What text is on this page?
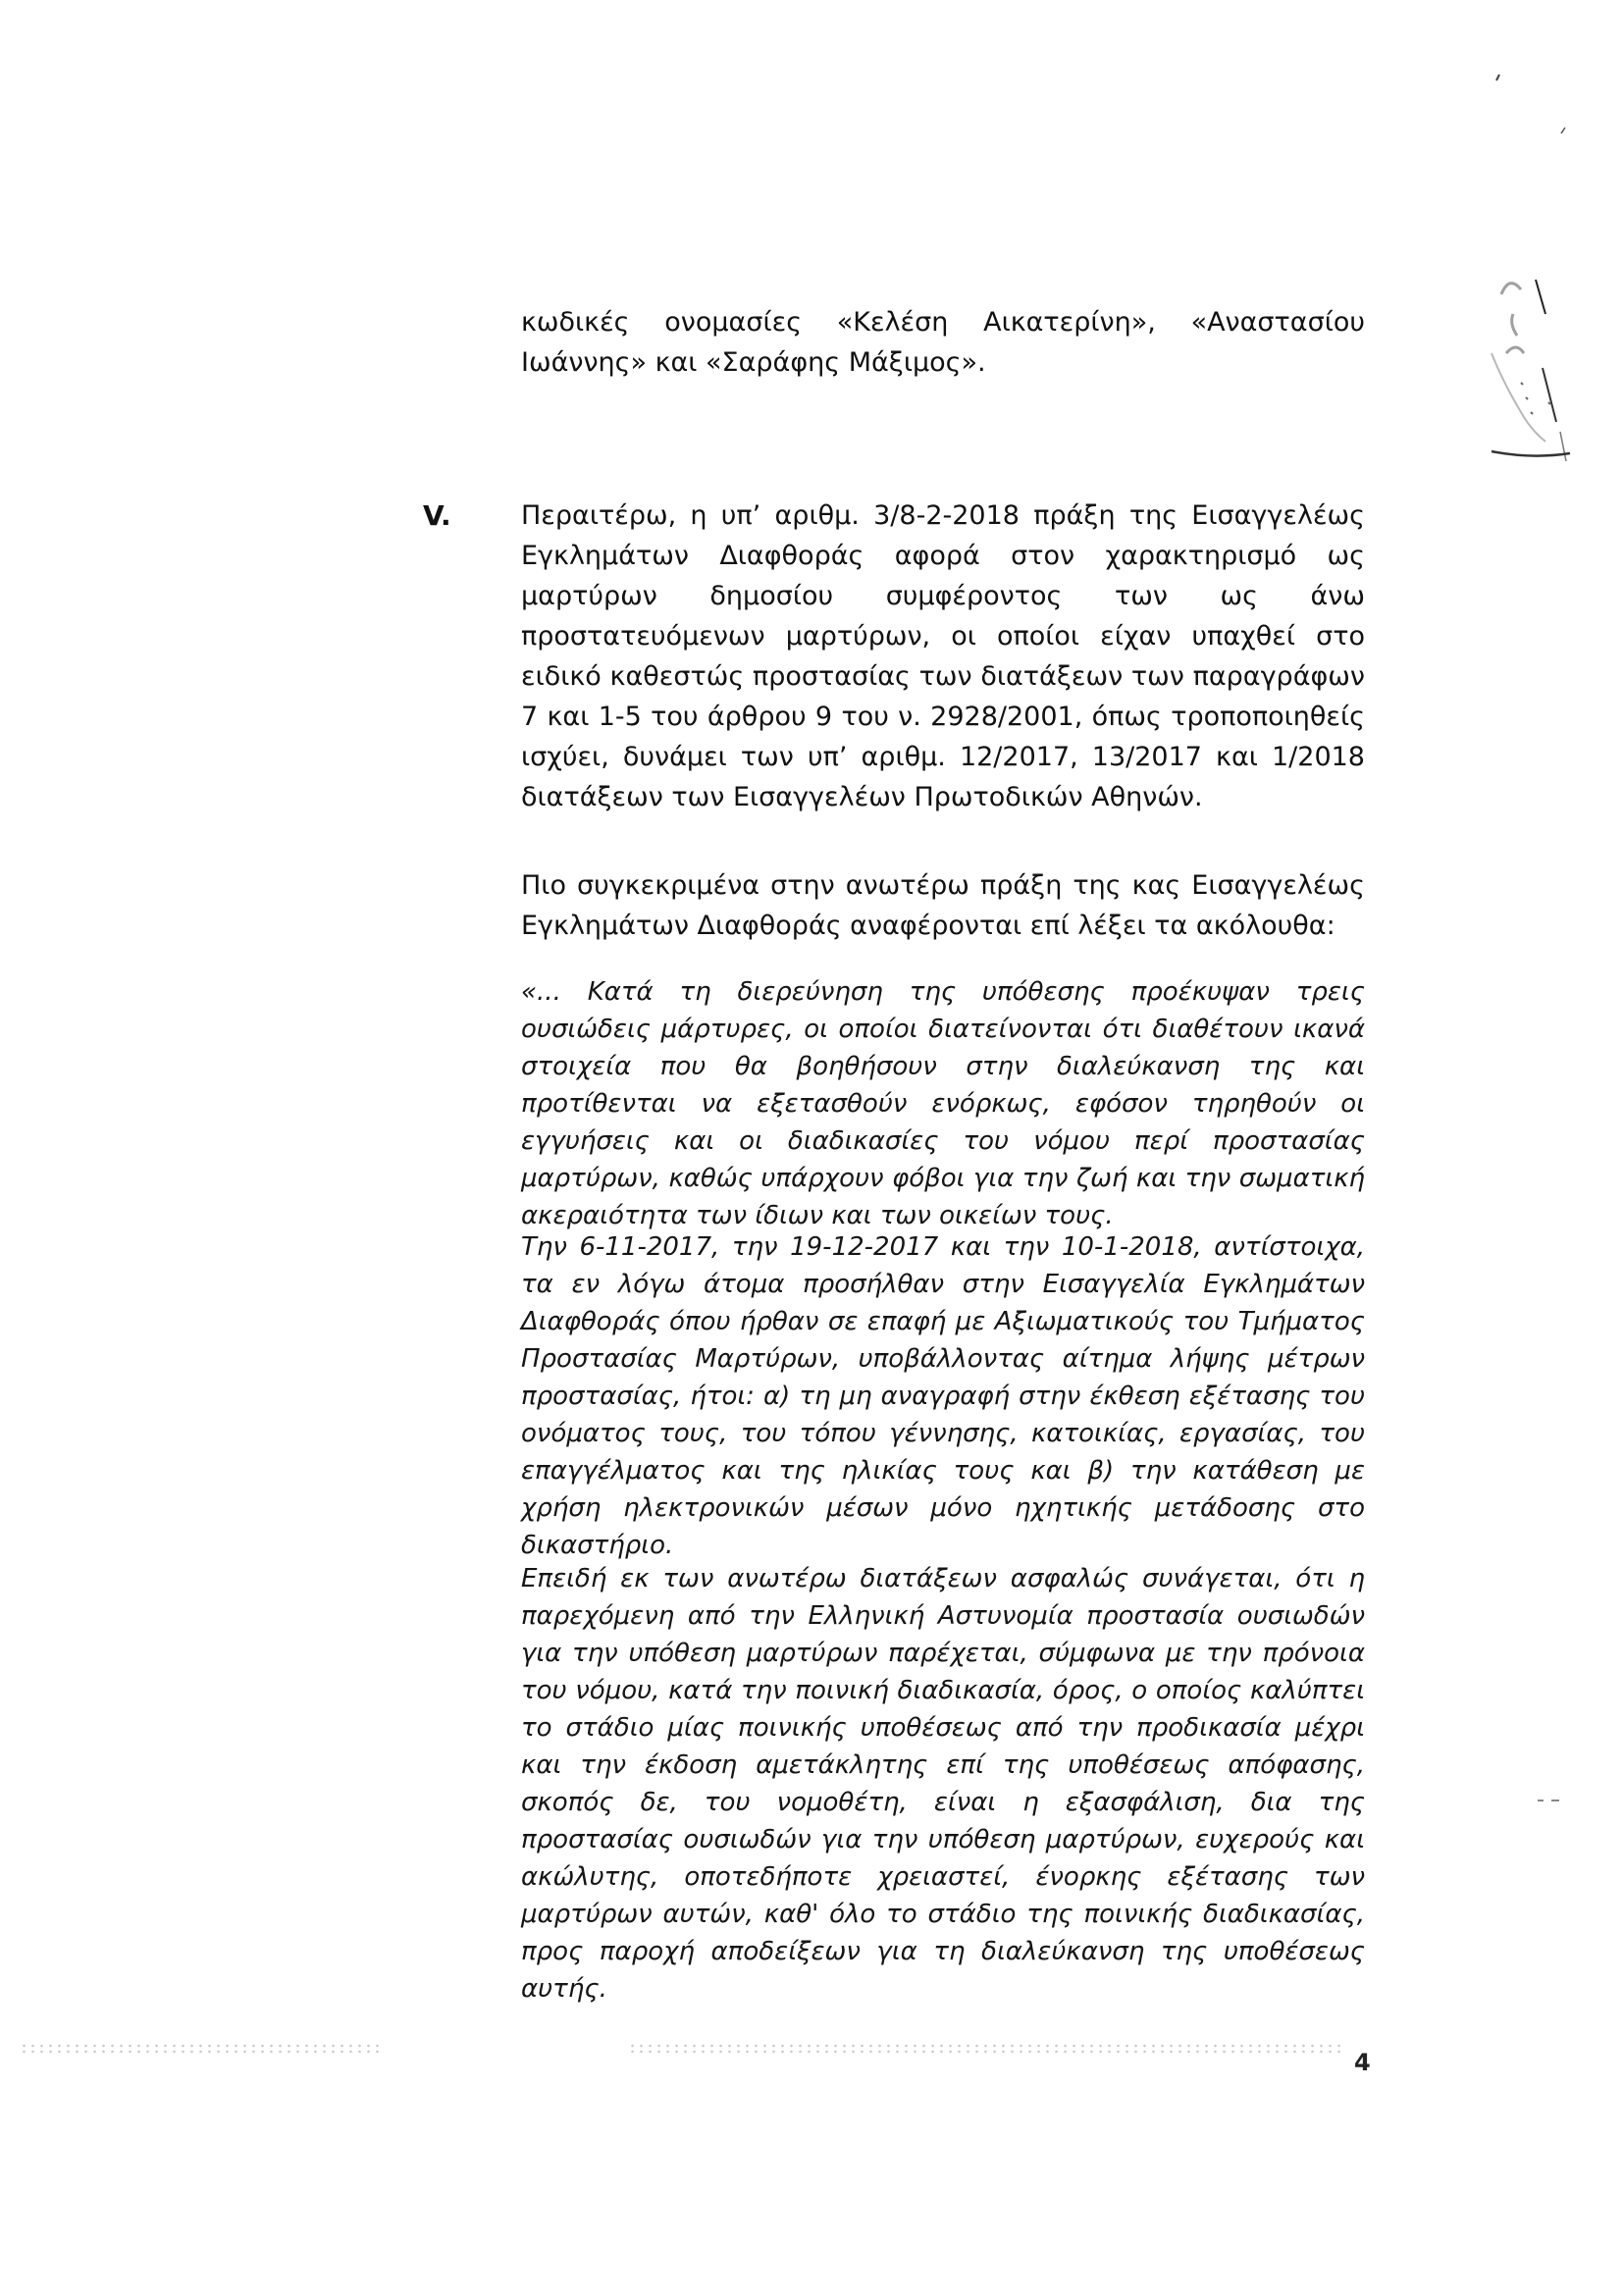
κωδικές ονομασίες «Κελέση Αικατερίνη», «Αναστασίου Ιωάννης» και «Σαράφης Μάξιμος».
V.	Περαιτέρω, η υπ’ αριθμ. 3/8-2-2018 πράξη της Εισαγγελέως Εγκλημάτων Διαφθοράς αφορά στον χαρακτηρισμό ως μαρτύρων δημοσίου συμφέροντος των ως άνω προστατευόμενων μαρτύρων, οι οποίοι είχαν υπαχθεί στο ειδικό καθεστώς προστασίας των διατάξεων των παραγράφων 7 και 1-5 του άρθρου 9 του ν. 2928/2001, όπως τροποποιηθείς ισχύει, δυνάμει των υπ’ αριθμ. 12/2017, 13/2017 και 1/2018 διατάξεων των Εισαγγελέων Πρωτοδικών Αθηνών.
Πιο συγκεκριμένα στην ανωτέρω πράξη της κας Εισαγγελέως Εγκλημάτων Διαφθοράς αναφέρονται επί λέξει τα ακόλουθα:
«... Κατά τη διερεύνηση της υπόθεσης προέκυψαν τρεις ουσιώδεις μάρτυρες, οι οποίοι διατείνονται ότι διαθέτουν ικανά στοιχεία που θα βοηθήσουν στην διαλεύκανση της και προτίθενται να εξετασθούν ενόρκως, εφόσον τηρηθούν οι εγγυήσεις και οι διαδικασίες του νόμου περί προστασίας μαρτύρων, καθώς υπάρχουν φόβοι για την ζωή και την σωματική ακεραιότητα των ίδιων και των οικείων τους.
Την 6-11-2017, την 19-12-2017 και την 10-1-2018, αντίστοιχα, τα εν λόγω άτομα προσήλθαν στην Εισαγγελία Εγκλημάτων Διαφθοράς όπου ήρθαν σε επαφή με Αξιωματικούς του Τμήματος Προστασίας Μαρτύρων, υποβάλλοντας αίτημα λήψης μέτρων προστασίας, ήτοι: α) τη μη αναγραφή στην έκθεση εξέτασης του ονόματος τους, του τόπου γέννησης, κατοικίας, εργασίας, του επαγγέλματος και της ηλικίας τους και β) την κατάθεση με χρήση ηλεκτρονικών μέσων μόνο ηχητικής μετάδοσης στο δικαστήριο.
Επειδή εκ των ανωτέρω διατάξεων ασφαλώς συνάγεται, ότι η παρεχόμενη από την Ελληνική Αστυνομία προστασία ουσιωδών για την υπόθεση μαρτύρων παρέχεται, σύμφωνα με την πρόνοια του νόμου, κατά την ποινική διαδικασία, όρος, ο οποίος καλύπτει το στάδιο μίας ποινικής υποθέσεως από την προδικασία μέχρι και την έκδοση αμετάκλητης επί της υποθέσεως απόφασης, σκοπός δε, του νομοθέτη, είναι η εξασφάλιση, δια της προστασίας ουσιωδών για την υπόθεση μαρτύρων, ευχερούς και ακώλυτης, οποτεδήποτε χρειαστεί, ένορκης εξέτασης των μαρτύρων αυτών, καθ' όλο το στάδιο της ποινικής διαδικασίας, προς παροχή αποδείξεων για τη διαλεύκανση της υποθέσεως αυτής.
4
